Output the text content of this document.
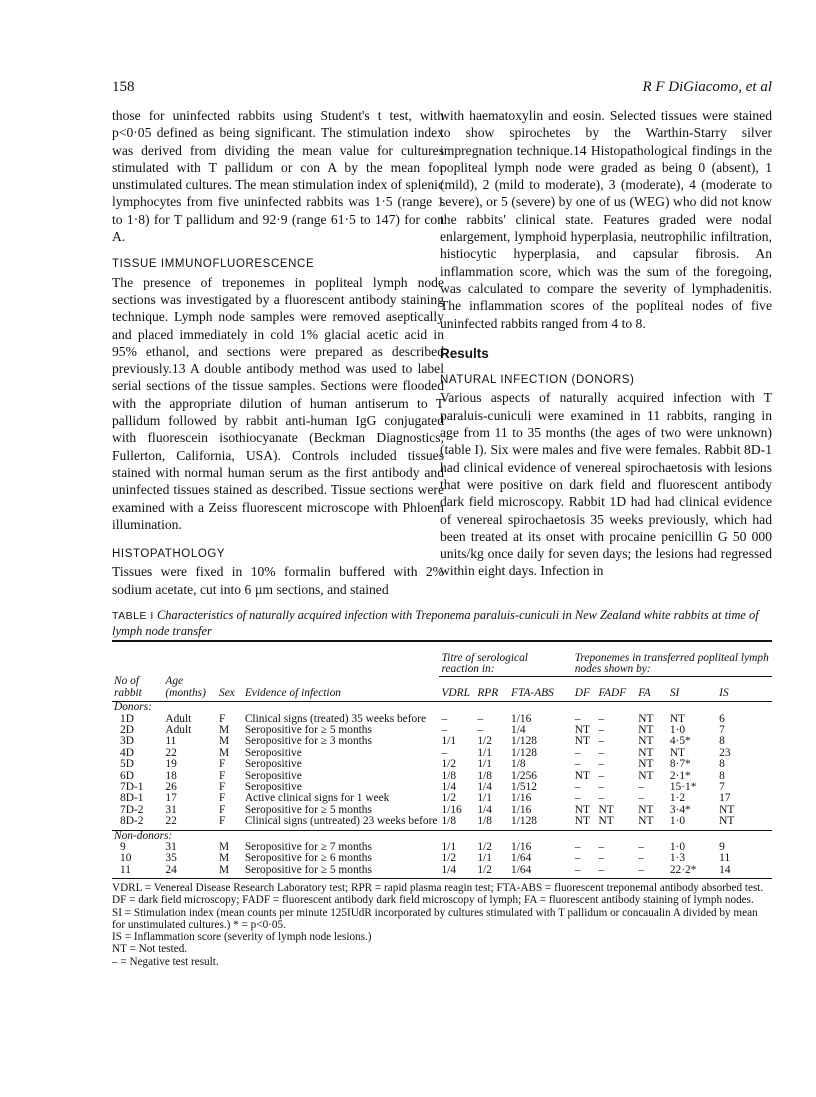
158	R F DiGiacomo, et al

those for uninfected rabbits using Student's t test, with p<0·05 defined as being significant. The stimulation index was derived from dividing the mean value for cultures stimulated with T pallidum or con A by the mean for unstimulated cultures. The mean stimulation index of splenic lymphocytes from five uninfected rabbits was 1·5 (range 1 to 1·8) for T pallidum and 92·9 (range 61·5 to 147) for con A.

TISSUE IMMUNOFLUORESCENCE

The presence of treponemes in popliteal lymph node sections was investigated by a fluorescent antibody staining technique. Lymph node samples were removed aseptically and placed immediately in cold 1% glacial acetic acid in 95% ethanol, and sections were prepared as described previously.13 A double antibody method was used to label serial sections of the tissue samples. Sections were flooded with the appropriate dilution of human antiserum to T pallidum followed by rabbit anti-human IgG conjugated with fluorescein isothiocyanate (Beckman Diagnostics, Fullerton, California, USA). Controls included tissues stained with normal human serum as the first antibody and uninfected tissues stained as described. Tissue sections were examined with a Zeiss fluorescent microscope with Phloem illumination.

HISTOPATHOLOGY

Tissues were fixed in 10% formalin buffered with 2% sodium acetate, cut into 6 µm sections, and stained

with haematoxylin and eosin. Selected tissues were stained to show spirochetes by the Warthin-Starry silver impregnation technique.14 Histopathological findings in the popliteal lymph node were graded as being 0 (absent), 1 (mild), 2 (mild to moderate), 3 (moderate), 4 (moderate to severe), or 5 (severe) by one of us (WEG) who did not know the rabbits' clinical state. Features graded were nodal enlargement, lymphoid hyperplasia, neutrophilic infiltration, histiocytic hyperplasia, and capsular fibrosis. An inflammation score, which was the sum of the foregoing, was calculated to compare the severity of lymphadenitis. The inflammation scores of the popliteal nodes of five uninfected rabbits ranged from 4 to 8.

Results
NATURAL INFECTION (DONORS)

Various aspects of naturally acquired infection with T paraluis-cuniculi were examined in 11 rabbits, ranging in age from 11 to 35 months (the ages of two were unknown) (table I). Six were males and five were females. Rabbit 8D-1 had clinical evidence of venereal spirochaetosis with lesions that were positive on dark field and fluorescent antibody dark field microscopy. Rabbit 1D had had clinical evidence of venereal spirochaetosis 35 weeks previously, which had been treated at its onset with procaine penicillin G 50 000 units/kg once daily for seven days; the lesions had regressed within eight days. Infection in

TABLE I Characteristics of naturally acquired infection with Treponema paraluis-cuniculi in New Zealand white rabbits at time of lymph node transfer

				Titre of serological reaction in:			Treponemes in transferred popliteal lymph nodes shown by:				
No of rabbit	Age (months)	Sex	Evidence of infection	VDRL	RPR	FTA-ABS	DF	FADF	FA	SI	IS

Donors:											
1D	Adult	F	Clinical signs (treated) 35 weeks before	–	–	1/16	–	–	NT	NT	6
2D	Adult	M	Seropositive for ≥ 5 months	–	–	1/4	NT	–	NT	1·0	7
3D	11	M	Seropositive for ≥ 3 months	1/1	1/2	1/128	NT	–	NT	4·5*	8
4D	22	M	Seropositive	–	1/1	1/128	–	–	NT	NT	23
5D	19	F	Seropositive	1/2	1/1	1/8	–	–	NT	8·7*	8
6D	18	F	Seropositive	1/8	1/8	1/256	NT	–	NT	2·1*	8
7D-1	26	F	Seropositive	1/4	1/4	1/512	–	–	–	15·1*	7
8D-1	17	F	Active clinical signs for 1 week	1/2	1/1	1/16	–	–	–	1·2	17
7D-2	31	F	Seropositive for ≥ 5 months	1/16	1/4	1/16	NT	NT	NT	3·4*	NT
8D-2	22	F	Clinical signs (untreated) 23 weeks before	1/8	1/8	1/128	NT	NT	NT	1·0	NT

Non-donors:											
9	31	M	Seropositive for ≥ 7 months	1/1	1/2	1/16	–	–	–	1·0	9
10	35	M	Seropositive for ≥ 6 months	1/2	1/1	1/64	–	–	–	1·3	11
11	24	M	Seropositive for ≥ 5 months	1/4	1/2	1/64	–	–	–	22·2*	14

VDRL = Venereal Disease Research Laboratory test; RPR = rapid plasma reagin test; FTA-ABS = fluorescent treponemal antibody absorbed test.
DF = dark field microscopy; FADF = fluorescent antibody dark field microscopy of lymph; FA = fluorescent antibody staining of lymph nodes.
SI = Stimulation index (mean counts per minute 125IUdR incorporated by cultures stimulated with T pallidum or concaualin A divided by mean for unstimulated cultures.) * = p<0·05.
IS = Inflammation score (severity of lymph node lesions.)
NT = Not tested.
– = Negative test result.
